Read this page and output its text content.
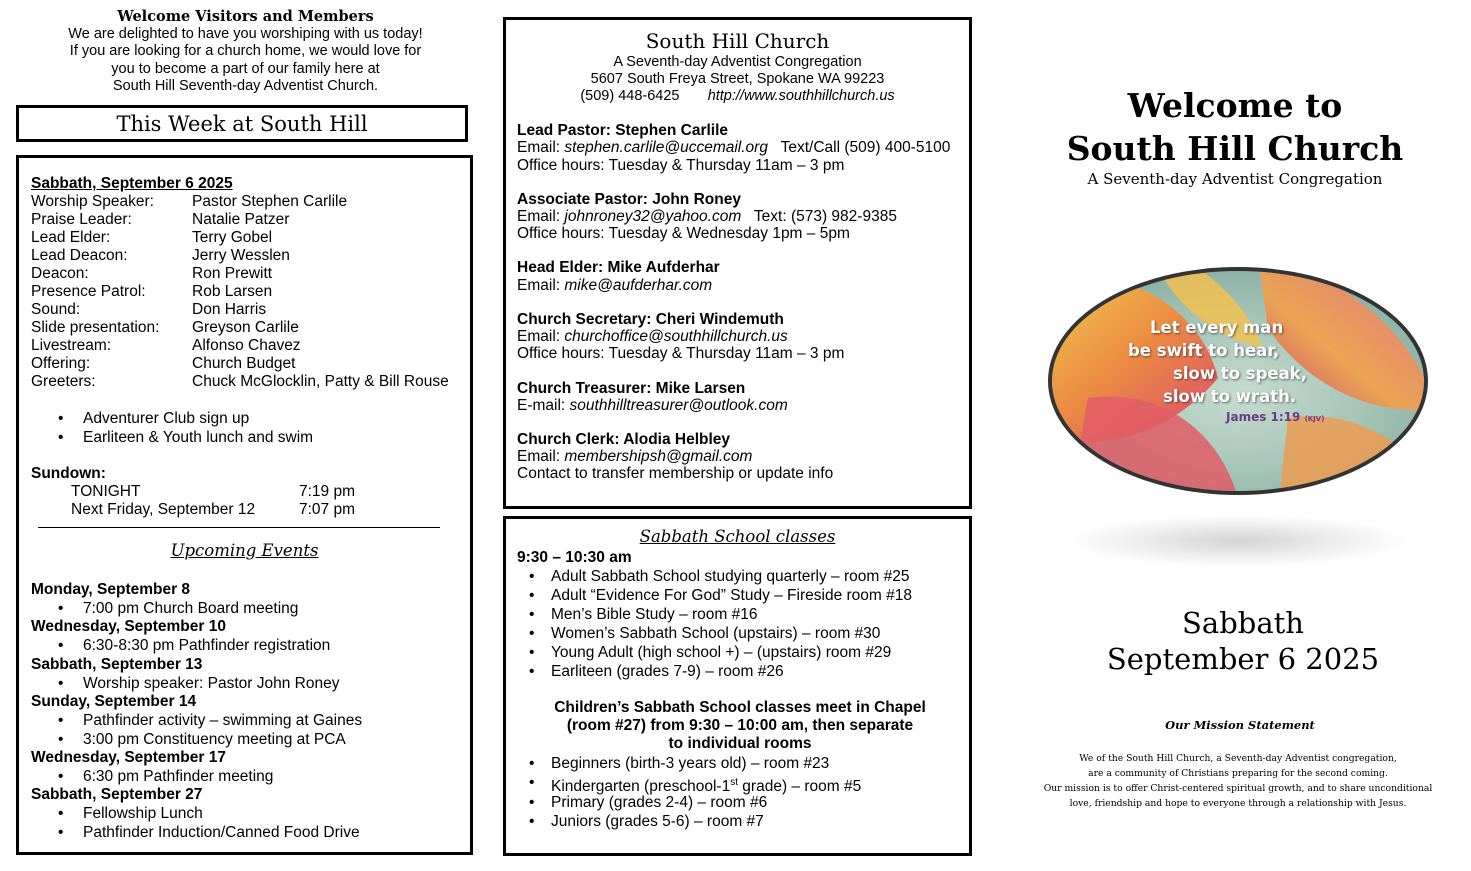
Welcome Visitors and Members
We are delighted to have you worshiping with us today!
If you are looking for a church home, we would love for
you to become a part of our family here at
South Hill Seventh-day Adventist Church.
This Week at South Hill
Sabbath, September 6 2025
Worship Speaker: Pastor Stephen Carlile
Praise Leader:	Natalie Patzer
Lead Elder:	Terry Gobel
Lead Deacon:	Jerry Wesslen
Deacon:	Ron Prewitt
Presence Patrol:	Rob Larsen
Sound:	Don Harris
Slide presentation: Greyson Carlile
Livestream:	Alfonso Chavez
Offering:	Church Budget
Greeters:	Chuck McGlocklin, Patty & Bill Rouse
• Adventurer Club sign up
• Earliteen & Youth lunch and swim
Sundown:
TONIGHT	7:19 pm
Next Friday, September 12	7:07 pm
Upcoming Events
Monday, September 8
• 7:00 pm Church Board meeting
Wednesday, September 10
• 6:30-8:30 pm Pathfinder registration
Sabbath, September 13
• Worship speaker: Pastor John Roney
Sunday, September 14
• Pathfinder activity – swimming at Gaines
• 3:00 pm Constituency meeting at PCA
Wednesday, September 17
• 6:30 pm Pathfinder meeting
Sabbath, September 27
• Fellowship Lunch
• Pathfinder Induction/Canned Food Drive
South Hill Church
A Seventh-day Adventist Congregation
5607 South Freya Street, Spokane WA 99223
(509) 448-6425 http://www.southhillchurch.us
Lead Pastor: Stephen Carlile
Email: stephen.carlile@uccemail.org Text/Call (509) 400-5100
Office hours: Tuesday & Thursday 11am – 3 pm
Associate Pastor: John Roney
Email: johnroney32@yahoo.com Text: (573) 982-9385
Office hours: Tuesday & Wednesday 1pm – 5pm
Head Elder: Mike Aufderhar
Email: mike@aufderhar.com
Church Secretary: Cheri Windemuth
Email: churchoffice@southhillchurch.us
Office hours: Tuesday & Thursday 11am – 3 pm
Church Treasurer: Mike Larsen
E-mail: southhilltreasurer@outlook.com
Church Clerk: Alodia Helbley
Email: membershipsh@gmail.com
Contact to transfer membership or update info
Sabbath School classes
9:30 – 10:30 am
• Adult Sabbath School studying quarterly – room #25
• Adult “Evidence For God” Study – Fireside room #18
• Men’s Bible Study – room #16
• Women’s Sabbath School (upstairs) – room #30
• Young Adult (high school +) – (upstairs) room #29
• Earliteen (grades 7-9) – room #26
Children’s Sabbath School classes meet in Chapel
(room #27) from 9:30 – 10:00 am, then separate
to individual rooms
• Beginners (birth-3 years old) – room #23
• Kindergarten (preschool-1st grade) – room #5
• Primary (grades 2-4) – room #6
• Juniors (grades 5-6) – room #7
Welcome to
South Hill Church
A Seventh-day Adventist Congregation
Let every man
be swift to hear,
slow to speak,
slow to wrath.
James 1:19 (KJV)
Sabbath
September 6 2025
Our Mission Statement
We of the South Hill Church, a Seventh-day Adventist congregation,
are a community of Christians preparing for the second coming.
Our mission is to offer Christ-centered spiritual growth, and to share unconditional
love, friendship and hope to everyone through a relationship with Jesus.
